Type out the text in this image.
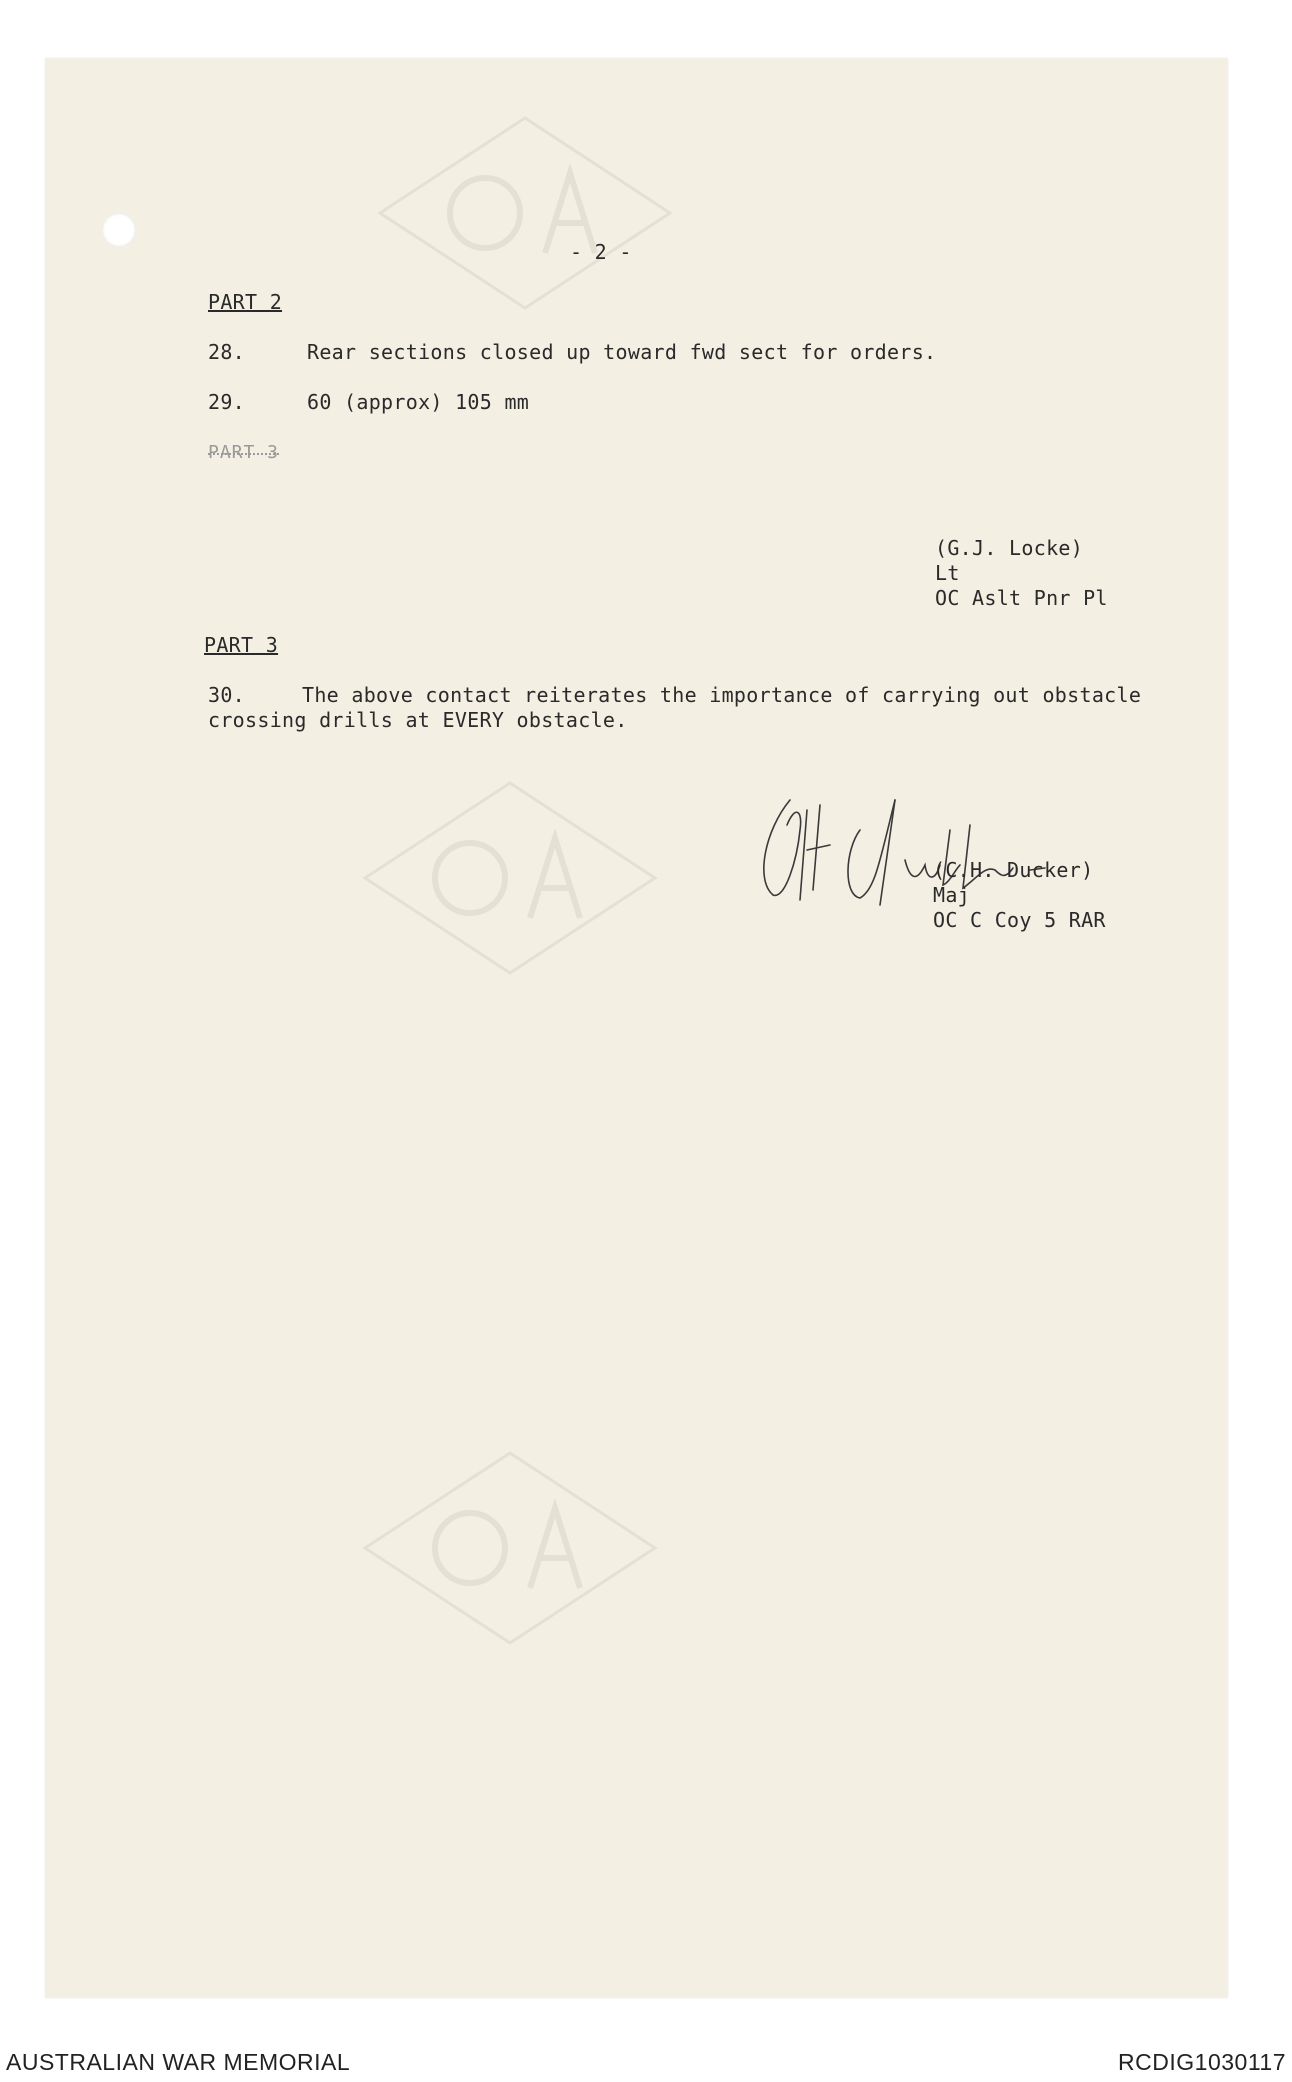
- 2 -
PART 2
28.	Rear sections closed up toward fwd sect for orders.
29.	60 (approx) 105 mm
PART 3
(G.J. Locke)
Lt
OC Aslt Pnr Pl
PART 3
30.	The above contact reiterates the importance of carrying out obstacle
crossing drills at EVERY obstacle.
(C.H. Ducker)
Maj
OC C Coy 5 RAR
AUSTRALIAN WAR MEMORIAL	RCDIG1030117
